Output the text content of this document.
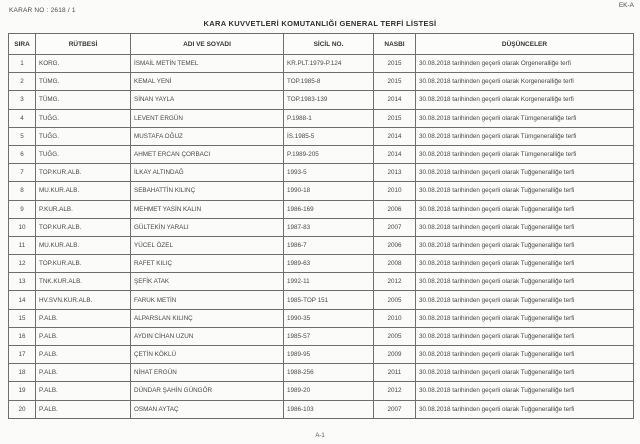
KARAR NO : 2618 / 1
EK-A
KARA KUVVETLERİ KOMUTANLIĞI GENERAL TERFİ LİSTESİ
SIRA	RÜTBESİ	ADI VE SOYADI	SİCİL NO.	NASBI	DÜŞÜNCELER
1	KORG.	İSMAİL METİN TEMEL	KR.PLT.1979-P.124	2015	30.08.2018 tarihinden geçerli olarak Orgeneralliğe terfi
2	TÜMG.	KEMAL YENİ	TOP.1985-8	2015	30.08.2018 tarihinden geçerli olarak Korgeneralliğe terfi
3	TÜMG.	SİNAN YAYLA	TOP.1983-139	2014	30.08.2018 tarihinden geçerli olarak Korgeneralliğe terfi
4	TUĞG.	LEVENT ERGÜN	P.1988-1	2015	30.08.2018 tarihinden geçerli olarak Tümgeneralliğe terfi
5	TUĞG.	MUSTAFA OĞUZ	İS.1985-5	2014	30.08.2018 tarihinden geçerli olarak Tümgeneralliğe terfi
6	TUĞG.	AHMET ERCAN ÇORBACI	P.1989-205	2014	30.08.2018 tarihinden geçerli olarak Tümgeneralliğe terfi
7	TOP.KUR.ALB.	İLKAY ALTINDAĞ	1993-5	2013	30.08.2018 tarihinden geçerli olarak Tuğgeneralliğe terfi
8	MU.KUR.ALB.	SEBAHATTİN KILINÇ	1990-18	2010	30.08.2018 tarihinden geçerli olarak Tuğgeneralliğe terfi
9	P.KUR.ALB.	MEHMET YASİN KALIN	1986-169	2006	30.08.2018 tarihinden geçerli olarak Tuğgeneralliğe terfi
10	TOP.KUR.ALB.	GÜLTEKİN YARALI	1987-83	2007	30.08.2018 tarihinden geçerli olarak Tuğgeneralliğe terfi
11	MU.KUR.ALB.	YÜCEL ÖZEL	1986-7	2006	30.08.2018 tarihinden geçerli olarak Tuğgeneralliğe terfi
12	TOP.KUR.ALB.	RAFET KILIÇ	1989-63	2008	30.08.2018 tarihinden geçerli olarak Tuğgeneralliğe terfi
13	TNK.KUR.ALB.	ŞEFİK ATAK	1992-11	2012	30.08.2018 tarihinden geçerli olarak Tuğgeneralliğe terfi
14	HV.SVN.KUR.ALB.	FARUK METİN	1985-TOP 151	2005	30.08.2018 tarihinden geçerli olarak Tuğgeneralliğe terfi
15	P.ALB.	ALPARSLAN KILINÇ	1990-35	2010	30.08.2018 tarihinden geçerli olarak Tuğgeneralliğe terfi
16	P.ALB.	AYDIN CİHAN UZUN	1985-57	2005	30.08.2018 tarihinden geçerli olarak Tuğgeneralliğe terfi
17	P.ALB.	ÇETİN KÖKLÜ	1989-95	2009	30.08.2018 tarihinden geçerli olarak Tuğgeneralliğe terfi
18	P.ALB.	NİHAT ERGÜN	1988-256	2011	30.08.2018 tarihinden geçerli olarak Tuğgeneralliğe terfi
19	P.ALB.	DÜNDAR ŞAHİN GÜNGÖR	1989-20	2012	30.08.2018 tarihinden geçerli olarak Tuğgeneralliğe terfi
20	P.ALB.	OSMAN AYTAÇ	1986-103	2007	30.08.2018 tarihinden geçerli olarak Tuğgeneralliğe terfi
A-1
